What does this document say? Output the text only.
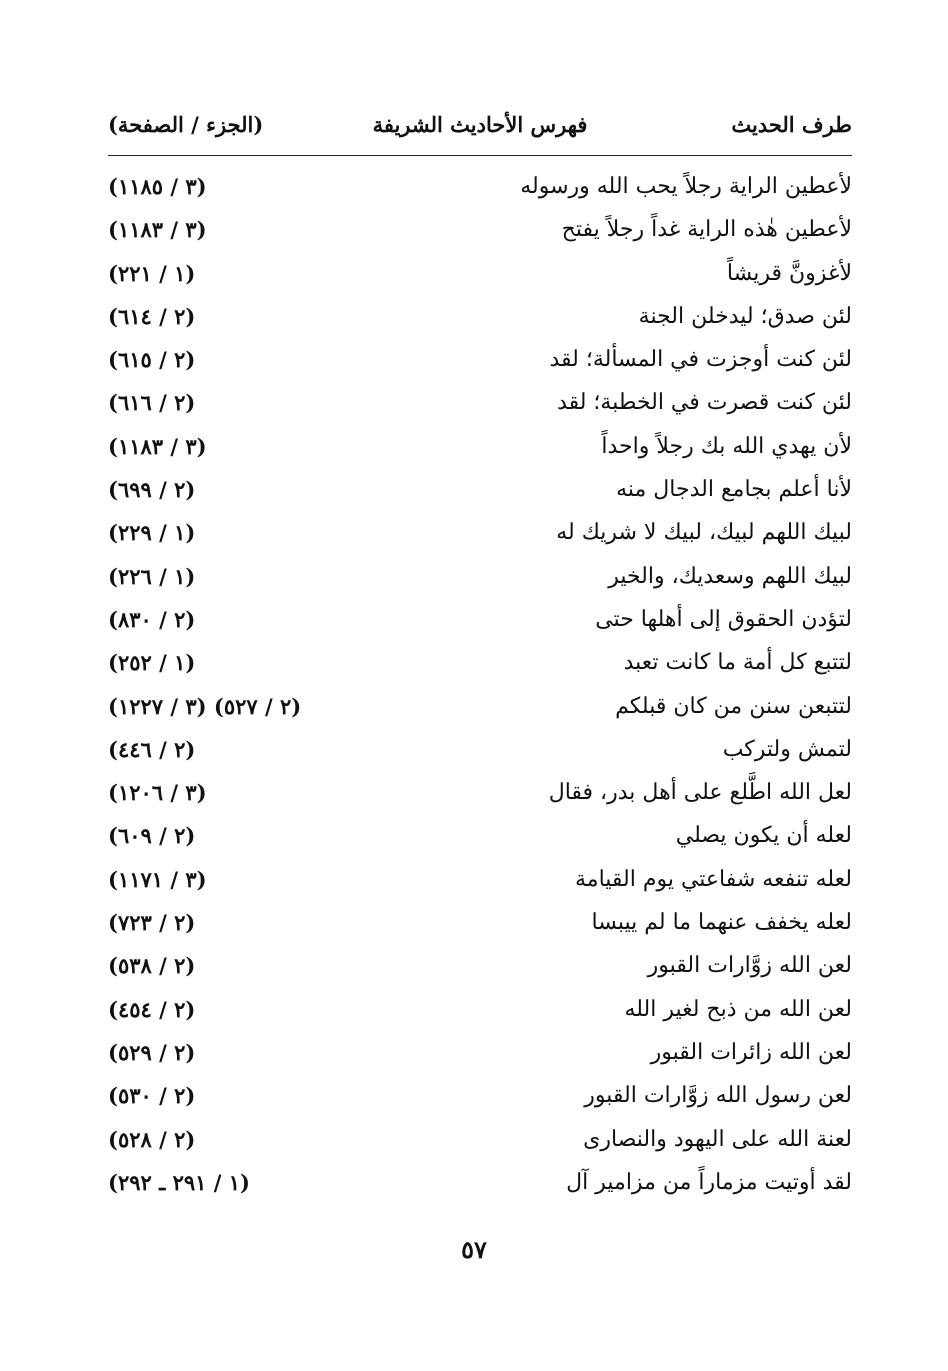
طرف الحديث
فهرس الأحاديث الشريفة
(الجزء / الصفحة)
لأعطين الراية رجلاً يحب الله ورسوله
(٣ / ١١٨٥)
لأعطين هٰذه الراية غداً رجلاً يفتح
(٣ / ١١٨٣)
لأغزونَّ قريشاً
(١ / ٢٢١)
لئن صدق؛ ليدخلن الجنة
(٢ / ٦١٤)
لئن كنت أوجزت في المسألة؛ لقد
(٢ / ٦١٥)
لئن كنت قصرت في الخطبة؛ لقد
(٢ / ٦١٦)
لأن يهدي الله بك رجلاً واحداً
(٣ / ١١٨٣)
لأنا أعلم بجامع الدجال منه
(٢ / ٦٩٩)
لبيك اللهم لبيك، لبيك لا شريك له
(١ / ٢٢٩)
لبيك اللهم وسعديك، والخير
(١ / ٢٢٦)
لتؤدن الحقوق إلى أهلها حتى
(٢ / ٨٣٠)
لتتبع كل أمة ما كانت تعبد
(١ / ٢٥٢)
لتتبعن سنن من كان قبلكم
(٢ / ٥٢٧) (٣ / ١٢٢٧)
لتمش ولتركب
(٢ / ٤٤٦)
لعل الله اطَّلع على أهل بدر، فقال
(٣ / ١٢٠٦)
لعله أن يكون يصلي
(٢ / ٦٠٩)
لعله تنفعه شفاعتي يوم القيامة
(٣ / ١١٧١)
لعله يخفف عنهما ما لم ييبسا
(٢ / ٧٢٣)
لعن الله زوَّارات القبور
(٢ / ٥٣٨)
لعن الله من ذبح لغير الله
(٢ / ٤٥٤)
لعن الله زائرات القبور
(٢ / ٥٢٩)
لعن رسول الله زوَّارات القبور
(٢ / ٥٣٠)
لعنة الله على اليهود والنصارى
(٢ / ٥٢٨)
لقد أوتيت مزماراً من مزامير آل
(١ / ٢٩١ ـ ٢٩٢)
٥٧
